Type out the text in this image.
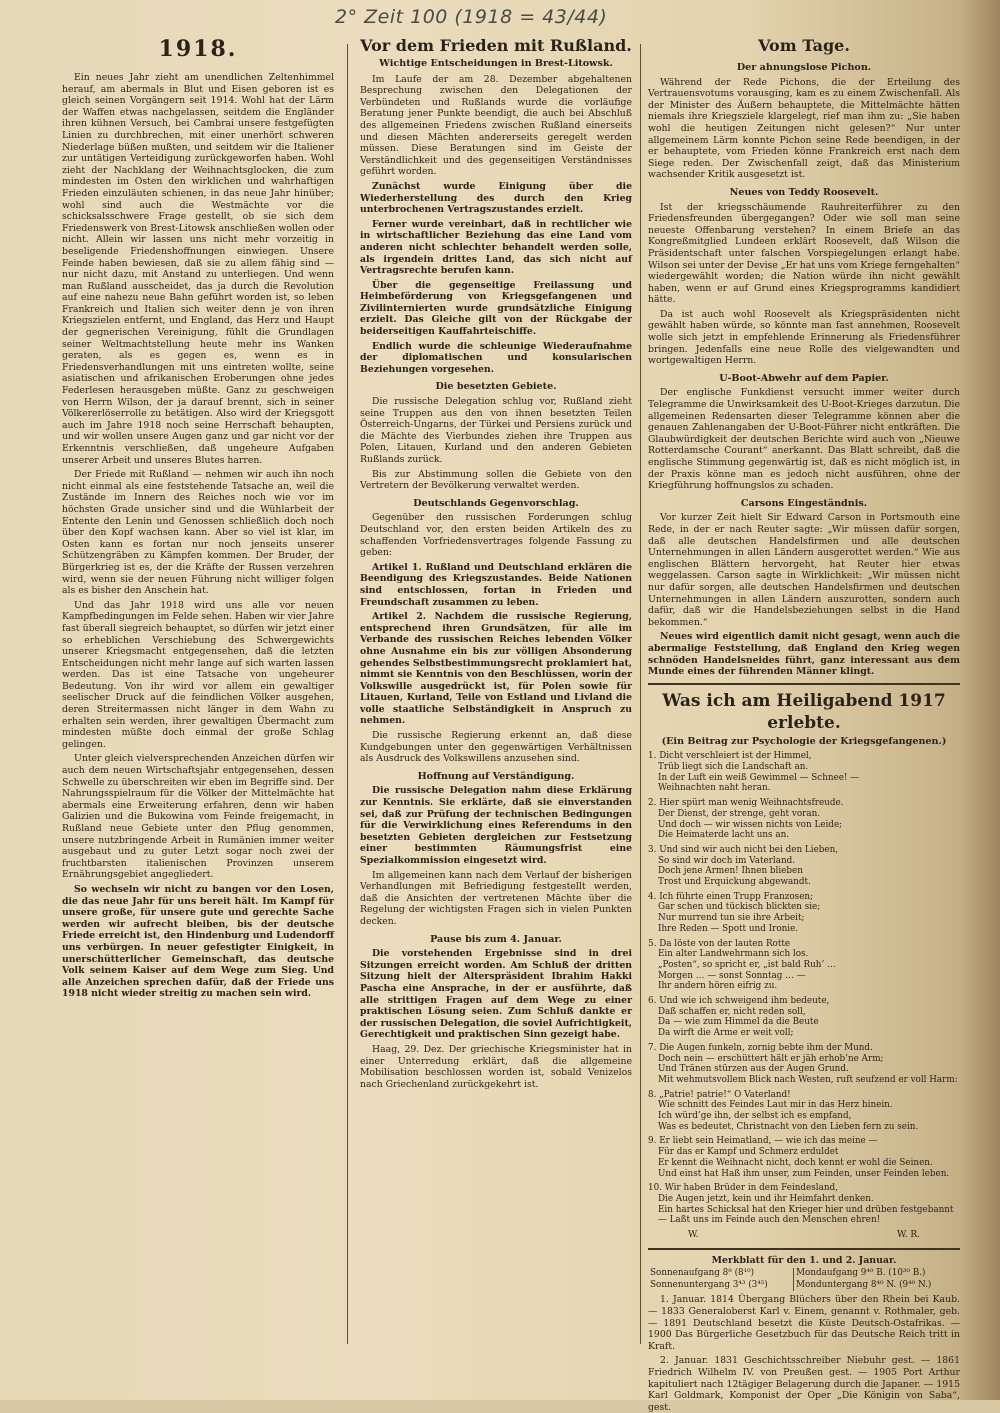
2° Zeit 100 (1918 = 43/44)
1918.

Ein neues Jahr zieht am unendlichen Zeltenhimmel herauf, am abermals in Blut und Eisen geboren ist es gleich seinen Vorgängern seit 1914. Wohl hat der Lärm der Waffen etwas nachgelassen, seitdem die Engländer ihren kühnen Versuch, bei Cambrai unsere festgefügten Linien zu durchbrechen, mit einer unerhört schweren Niederlage büßen mußten, und seitdem wir die Italiener zur untätigen Verteidigung zurückgeworfen haben. Wohl zieht der Nachklang der Weihnachtsglocken, die zum mindesten im Osten den wirklichen und wahrhaftigen Frieden einzuläuten schienen, in das neue Jahr hinüber; wohl sind auch die Westmächte vor die schicksalsschwere Frage gestellt, ob sie sich dem Friedenswerk von Brest-Litowsk anschließen wollen oder nicht. Allein wir lassen uns nicht mehr vorzeitig in beseligende Friedenshoffnungen einwiegen. Unsere Feinde haben bewiesen, daß sie zu allem fähig sind — nur nicht dazu, mit Anstand zu unterliegen. Und wenn man Rußland ausscheidet, das ja durch die Revolution auf eine nahezu neue Bahn geführt worden ist, so leben Frankreich und Italien sich weiter denn je von ihren Kriegszielen entfernt, und England, das Herz und Haupt der gegnerischen Vereinigung, fühlt die Grundlagen seiner Weltmachtstellung heute mehr ins Wanken geraten, als es gegen es, wenn es in Friedensverhandlungen mit uns eintreten wollte, seine asiatischen und afrikanischen Eroberungen ohne jedes Federlesen herausgeben müßte. Ganz zu geschweigen von Herrn Wilson, der ja darauf brennt, sich in seiner Völkererlöserrolle zu betätigen. Also wird der Kriegsgott auch im Jahre 1918 noch seine Herrschaft behaupten, und wir wollen unsere Augen ganz und gar nicht vor der Erkenntnis verschließen, daß ungeheure Aufgaben unserer Arbeit und unseres Blutes harren.

Der Friede mit Rußland — nehmen wir auch ihn noch nicht einmal als eine feststehende Tatsache an, weil die Zustände im Innern des Reiches noch wie vor im höchsten Grade unsicher sind und die Wühlarbeit der Entente den Lenin und Genossen schließlich doch noch über den Kopf wachsen kann. Aber so viel ist klar, im Osten kann es fortan nur noch jenseits unserer Schützengräben zu Kämpfen kommen. Der Bruder, der Bürgerkrieg ist es, der die Kräfte der Russen verzehren wird, wenn sie der neuen Führung nicht williger folgen als es bisher den Anschein hat.

Und das Jahr 1918 wird uns alle vor neuen Kampfbedingungen im Felde sehen. Haben wir vier Jahre fast überall siegreich behauptet, so dürfen wir jetzt einer so erheblichen Verschiebung des Schwergewichts unserer Kriegsmacht entgegensehen, daß die letzten Entscheidungen nicht mehr lange auf sich warten lassen werden. Das ist eine Tatsache von ungeheurer Bedeutung. Von ihr wird vor allem ein gewaltiger seelischer Druck auf die feindlichen Völker ausgehen, deren Streitermassen nicht länger in dem Wahn zu erhalten sein werden, ihrer gewaltigen Übermacht zum mindesten müßte doch einmal der große Schlag gelingen.

Unter gleich vielversprechenden Anzeichen dürfen wir auch dem neuen Wirtschaftsjahr entgegensehen, dessen Schwelle zu überschreiten wir eben im Begriffe sind. Der Nahrungsspielraum für die Völker der Mittelmächte hat abermals eine Erweiterung erfahren, denn wir haben Galizien und die Bukowina vom Feinde freigemacht, in Rußland neue Gebiete unter den Pflug genommen, unsere nutzbringende Arbeit in Rumänien immer weiter ausgebaut und zu guter Letzt sogar noch zwei der fruchtbarsten italienischen Provinzen unserem Ernährungsgebiet angegliedert.

So wechseln wir nicht zu bangen vor den Losen, die das neue Jahr für uns bereit hält. Im Kampf für unsere große, für unsere gute und gerechte Sache werden wir aufrecht bleiben, bis der deutsche Friede erreicht ist, den Hindenburg und Ludendorff uns verbürgen. In neuer gefestigter Einigkeit, in unerschütterlicher Gemeinschaft, das deutsche Volk seinem Kaiser auf dem Wege zum Sieg. Und alle Anzeichen sprechen dafür, daß der Friede uns 1918 nicht wieder streitig zu machen sein wird.

Vor dem Frieden mit Rußland.
Wichtige Entscheidungen in Brest-Litowsk.

Im Laufe der am 28. Dezember abgehaltenen Besprechung zwischen den Delegationen der Verbündeten und Rußlands wurde die vorläufige Beratung jener Punkte beendigt, die auch bei Abschluß des allgemeinen Friedens zwischen Rußland einerseits und diesen Mächten andererseits geregelt werden müssen. Diese Beratungen sind im Geiste der Verständlichkeit und des gegenseitigen Verständnisses geführt worden.

Zunächst wurde Einigung über die Wiederherstellung des durch den Krieg unterbrochenen Vertragszustandes erzielt.

Ferner wurde vereinbart, daß in rechtlicher wie in wirtschaftlicher Beziehung das eine Land vom anderen nicht schlechter behandelt werden solle, als irgendein drittes Land, das sich nicht auf Vertragsrechte berufen kann.

Über die gegenseitige Freilassung und Heimbeförderung von Kriegsgefangenen und Zivilinternierten wurde grundsätzliche Einigung erzielt. Das Gleiche gilt von der Rückgabe der beiderseitigen Kauffahrteischiffe.

Endlich wurde die schleunige Wiederaufnahme der diplomatischen und konsularischen Beziehungen vorgesehen.

Die besetzten Gebiete.

Die russische Delegation schlug vor, Rußland zieht seine Truppen aus den von ihnen besetzten Teilen Österreich-Ungarns, der Türkei und Persiens zurück und die Mächte des Vierbundes ziehen ihre Truppen aus Polen, Litauen, Kurland und den anderen Gebieten Rußlands zurück.

Bis zur Abstimmung sollen die Gebiete von den Vertretern der Bevölkerung verwaltet werden.

Deutschlands Gegenvorschlag.

Gegenüber den russischen Forderungen schlug Deutschland vor, den ersten beiden Artikeln des zu schaffenden Vorfriedensvertrages folgende Fassung zu geben:

Artikel 1. Rußland und Deutschland erklären die Beendigung des Kriegszustandes. Beide Nationen sind entschlossen, fortan in Frieden und Freundschaft zusammen zu leben.

Artikel 2. Nachdem die russische Regierung, entsprechend ihren Grundsätzen, für alle im Verbande des russischen Reiches lebenden Völker ohne Ausnahme ein bis zur völligen Absonderung gehendes Selbstbestimmungsrecht proklamiert hat, nimmt sie Kenntnis von den Beschlüssen, worin der Volkswille ausgedrückt ist, für Polen sowie für Litauen, Kurland, Teile von Estland und Livland die volle staatliche Selbständigkeit in Anspruch zu nehmen.

Die russische Regierung erkennt an, daß diese Kundgebungen unter den gegenwärtigen Verhältnissen als Ausdruck des Volkswillens anzusehen sind.

Hoffnung auf Verständigung.

Die russische Delegation nahm diese Erklärung zur Kenntnis. Sie erklärte, daß sie einverstanden sei, daß zur Prüfung der technischen Bedingungen für die Verwirklichung eines Referendums in den besetzten Gebieten dergleichen zur Festsetzung einer bestimmten Räumungsfrist eine Spezialkommission eingesetzt wird.

Im allgemeinen kann nach dem Verlauf der bisherigen Verhandlungen mit Befriedigung festgestellt werden, daß die Ansichten der vertretenen Mächte über die Regelung der wichtigsten Fragen sich in vielen Punkten decken.

Pause bis zum 4. Januar.

Die vorstehenden Ergebnisse sind in drei Sitzungen erreicht worden. Am Schluß der dritten Sitzung hielt der Alterspräsident Ibrahim Hakki Pascha eine Ansprache, in der er ausführte, daß alle strittigen Fragen auf dem Wege zu einer praktischen Lösung seien. Zum Schluß dankte er der russischen Delegation, die soviel Aufrichtigkeit, Gerechtigkeit und praktischen Sinn gezeigt habe.

Haag, 29. Dez. Der griechische Kriegsminister hat in einer Unterredung erklärt, daß die allgemeine Mobilisation beschlossen worden ist, sobald Venizelos nach Griechenland zurückgekehrt ist.

Vom Tage.
Der ahnungslose Pichon.

Während der Rede Pichons, die der Erteilung des Vertrauensvotums vorausging, kam es zu einem Zwischenfall. Als der Minister des Äußern behauptete, die Mittelmächte hätten niemals ihre Kriegsziele klargelegt, rief man ihm zu: „Sie haben wohl die heutigen Zeitungen nicht gelesen?“ Nur unter allgemeinem Lärm konnte Pichon seine Rede beendigen, in der er behauptete, vom Frieden könne Frankreich erst nach dem Siege reden. Der Zwischenfall zeigt, daß das Ministerium wachsender Kritik ausgesetzt ist.

Neues von Teddy Roosevelt.

Ist der kriegsschäumende Rauhreiterführer zu den Friedensfreunden übergegangen? Oder wie soll man seine neueste Offenbarung verstehen? In einem Briefe an das Kongreßmitglied Lundeen erklärt Roosevelt, daß Wilson die Präsidentschaft unter falschen Vorspiegelungen erlangt habe. Wilson sei unter der Devise „Er hat uns vom Kriege ferngehalten“ wiedergewählt worden; die Nation würde ihn nicht gewählt haben, wenn er auf Grund eines Kriegsprogramms kandidiert hätte.

Da ist auch wohl Roosevelt als Kriegspräsidenten nicht gewählt haben würde, so könnte man fast annehmen, Roosevelt wolle sich jetzt in empfehlende Erinnerung als Friedensführer bringen. Jedenfalls eine neue Rolle des vielgewandten und wortgewaltigen Herrn.

U-Boot-Abwehr auf dem Papier.

Der englische Funkdienst versucht immer weiter durch Telegramme die Unwirksamkeit des U-Boot-Krieges darzutun. Die allgemeinen Redensarten dieser Telegramme können aber die genauen Zahlenangaben der U-Boot-Führer nicht entkräften. Die Glaubwürdigkeit der deutschen Berichte wird auch von „Nieuwe Rotterdamsche Courant“ anerkannt. Das Blatt schreibt, daß die englische Stimmung gegenwärtig ist, daß es nicht möglich ist, in der Praxis könne man es jedoch nicht ausführen, ohne der Kriegführung hoffnungslos zu schaden.

Carsons Eingeständnis.

Vor kurzer Zeit hielt Sir Edward Carson in Portsmouth eine Rede, in der er nach Reuter sagte: „Wir müssen dafür sorgen, daß alle deutschen Handelsfirmen und alle deutschen Unternehmungen in allen Ländern ausgerottet werden.“ Wie aus englischen Blättern hervorgeht, hat Reuter hier etwas weggelassen. Carson sagte in Wirklichkeit: „Wir müssen nicht nur dafür sorgen, alle deutschen Handelsfirmen und deutschen Unternehmungen in allen Ländern auszurotten, sondern auch dafür, daß wir die Handelsbeziehungen selbst in die Hand bekommen.“

Neues wird eigentlich damit nicht gesagt, wenn auch die abermalige Feststellung, daß England den Krieg wegen schnöden Handelsneides führt, ganz interessant aus dem Munde eines der führenden Männer klingt.

Was ich am Heiligabend 1917 erlebte.
(Ein Beitrag zur Psychologie der Kriegsgefangenen.)
1. Dicht verschleiert ist der Himmel,
Trüb liegt sich die Landschaft an.
In der Luft ein weiß Gewimmel — Schnee! —
Weihnachten naht heran.
2. Hier spürt man wenig Weihnachtsfreude.
Der Dienst, der strenge, geht voran.
Und doch — wir wissen nichts von Leide;
Die Heimaterde lacht uns an.
3. Und sind wir auch nicht bei den Lieben,
So sind wir doch im Vaterland.
Doch jene Armen! Ihnen blieben
Trost und Erquickung abgewandt.
4. Ich führte einen Trupp Franzosen;
Gar schen und tückisch blickten sie;
Nur murrend tun sie ihre Arbeit;
Ihre Reden — Spott und Ironie.
5. Da löste von der lauten Rotte
Ein alter Landwehrmann sich los.
„Posten“, so spricht er, „ist bald Ruh’ …
Morgen … — sonst Sonntag … —
Ihr andern hören eifrig zu.
6. Und wie ich schweigend ihm bedeute,
Daß schaffen er, nicht reden soll,
Da — wie zum Himmel da die Beute
Da wirft die Arme er weit voll;
7. Die Augen funkeln, zornig bebte ihm der Mund.
Doch nein — erschüttert hält er jäh erhob’ne Arm;
Und Tränen stürzen aus der Augen Grund.
Mit wehmutsvollem Blick nach Westen, ruft seufzend er voll Harm:
8. „Patrie! patrie!“ O Vaterland!
Wie schnitt des Feindes Laut mir in das Herz hinein.
Ich würd’ge ihn, der selbst ich es empfand,
Was es bedeutet, Christnacht von den Lieben fern zu sein.
9. Er liebt sein Heimatland, — wie ich das meine —
Für das er Kampf und Schmerz erduldet
Er kennt die Weihnacht nicht, doch kennt er wohl die Seinen.
Und einst hat Haß ihm unser, zum Feinden, unser Feinden leben.
10. Wir haben Brüder in dem Feindesland,
Die Augen jetzt, kein und ihr Heimfahrt denken.
Ein hartes Schicksal hat den Krieger hier und drüben festgebannt
— Laßt uns im Feinde auch den Menschen ehren!
W.	W. R.
Merkblatt für den 1. und 2. Januar.
Sonnenaufgang 8⁸ (8¹⁰)	Mondaufgang 9⁴⁰ B. (10³⁰ B.)
Sonnenuntergang 3⁴³ (3⁴⁵)	Monduntergang 8⁴⁰ N. (9⁴⁰ N.)

1. Januar. 1814 Übergang Blüchers über den Rhein bei Kaub. — 1833 Generaloberst Karl v. Einem, genannt v. Rothmaler, geb. — 1891 Deutschland besetzt die Küste Deutsch-Ostafrikas. — 1900 Das Bürgerliche Gesetzbuch für das Deutsche Reich tritt in Kraft.

2. Januar. 1831 Geschichtsschreiber Niebuhr gest. — 1861 Friedrich Wilhelm IV. von Preußen gest. — 1905 Port Arthur kapituliert nach 12tägiger Belagerung durch die Japaner. — 1915 Karl Goldmark, Komponist der Oper „Die Königin von Saba“, gest.
